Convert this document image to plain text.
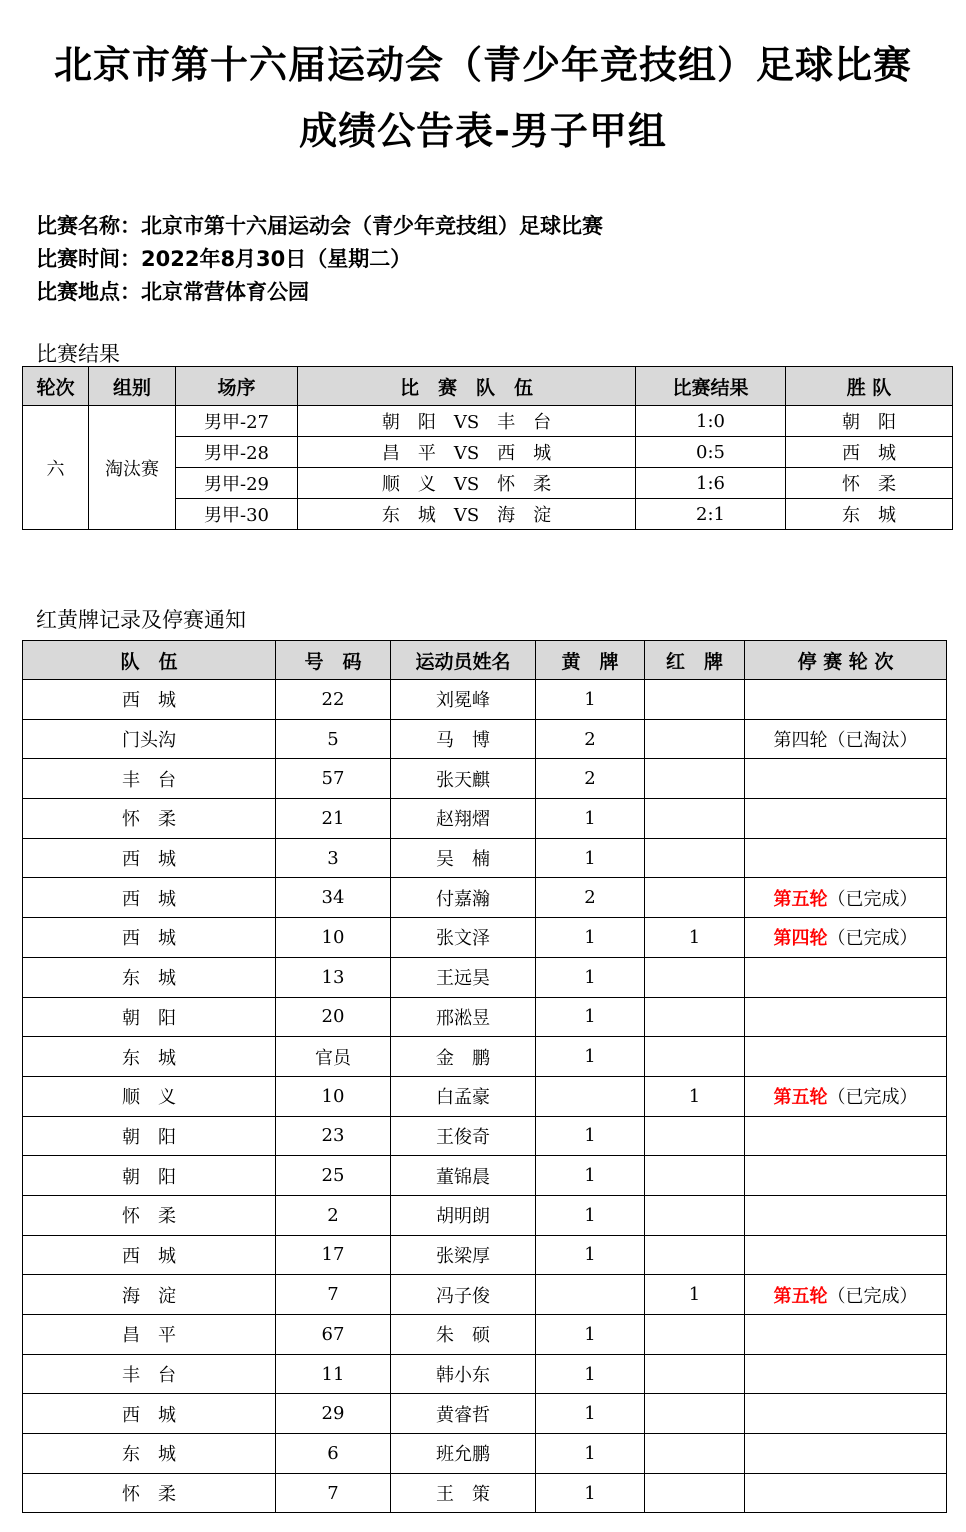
北京市第十六届运动会（青少年竞技组）足球比赛
成绩公告表-男子甲组
比赛名称：北京市第十六届运动会（青少年竞技组）足球比赛
比赛时间：2022年8月30日（星期二）
比赛地点：北京常营体育公园
比赛结果
轮次	组别	场序	比　赛　队　伍	比赛结果	胜 队
六	淘汰赛	男甲-27	朝　阳　VS　丰　台	1:0	朝　阳
		男甲-28	昌　平　VS　西　城	0:5	西　城
		男甲-29	顺　义　VS　怀　柔	1:6	怀　柔
		男甲-30	东　城　VS　海　淀	2:1	东　城
红黄牌记录及停赛通知
队　伍	号　码	运动员姓名	黄　牌	红　牌	停 赛 轮 次
西　城	22	刘冕峰	1		
门头沟	5	马　博	2		第四轮（已淘汰）
丰　台	57	张天麒	2		
怀　柔	21	赵翔熠	1		
西　城	3	吴　楠	1		
西　城	34	付嘉瀚	2		第五轮（已完成）
西　城	10	张文泽	1	1	第四轮（已完成）
东　城	13	王远昊	1		
朝　阳	20	邢淞昱	1		
东　城	官员	金　鹏	1		
顺　义	10	白孟豪		1	第五轮（已完成）
朝　阳	23	王俊奇	1		
朝　阳	25	董锦晨	1		
怀　柔	2	胡明朗	1		
西　城	17	张梁厚	1		
海　淀	7	冯子俊		1	第五轮（已完成）
昌　平	67	朱　硕	1		
丰　台	11	韩小东	1		
西　城	29	黄睿哲	1		
东　城	6	班允鹏	1		
怀　柔	7	王　策	1		
